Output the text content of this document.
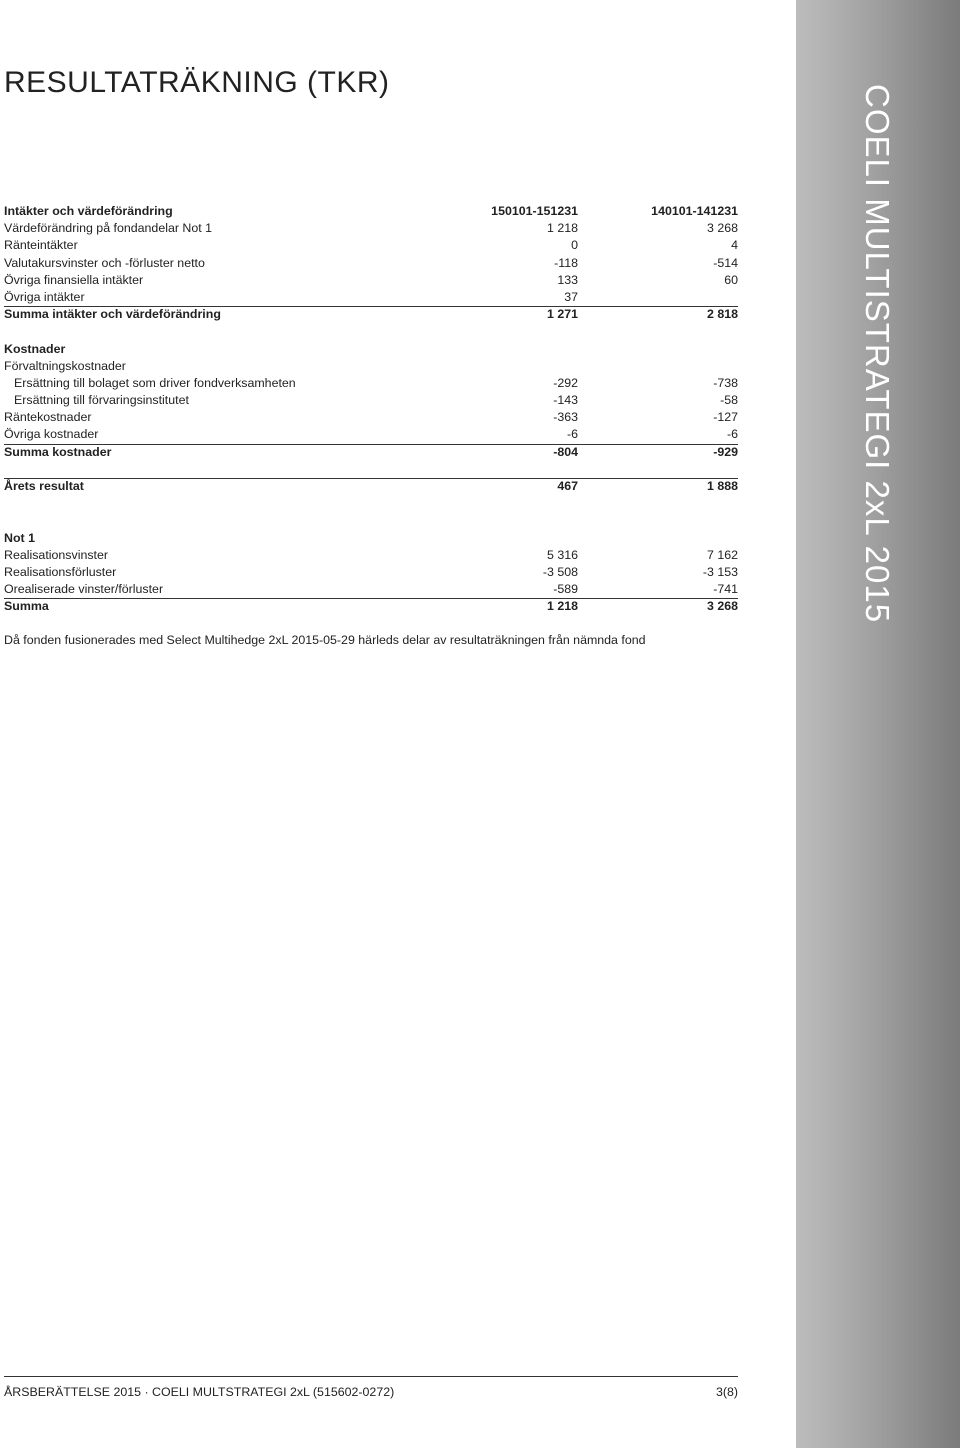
RESULTATRÄKNING (TKR)
COELI MULTISTRATEGI 2xL 2015
Intäkter och värdeförändring	150101-151231	140101-141231
Värdeförändring på fondandelar Not 1	1 218	3 268
Ränteintäkter	0	4
Valutakursvinster och -förluster netto	-118	-514
Övriga finansiella intäkter	133	60
Övriga intäkter	37
Summa intäkter och värdeförändring	1 271	2 818
Kostnader
Förvaltningskostnader
Ersättning till bolaget som driver fondverksamheten	-292	-738
Ersättning till förvaringsinstitutet	-143	-58
Räntekostnader	-363	-127
Övriga kostnader	-6	-6
Summa kostnader	-804	-929
Årets resultat	467	1 888
Not 1
Realisationsvinster	5 316	7 162
Realisationsförluster	-3 508	-3 153
Orealiserade vinster/förluster	-589	-741
Summa	1 218	3 268
Då fonden fusionerades med Select Multihedge 2xL 2015-05-29 härleds delar av resultaträkningen från nämnda fond
ÅRSBERÄTTELSE 2015 · COELI MULTSTRATEGI 2xL (515602-0272)	3(8)
